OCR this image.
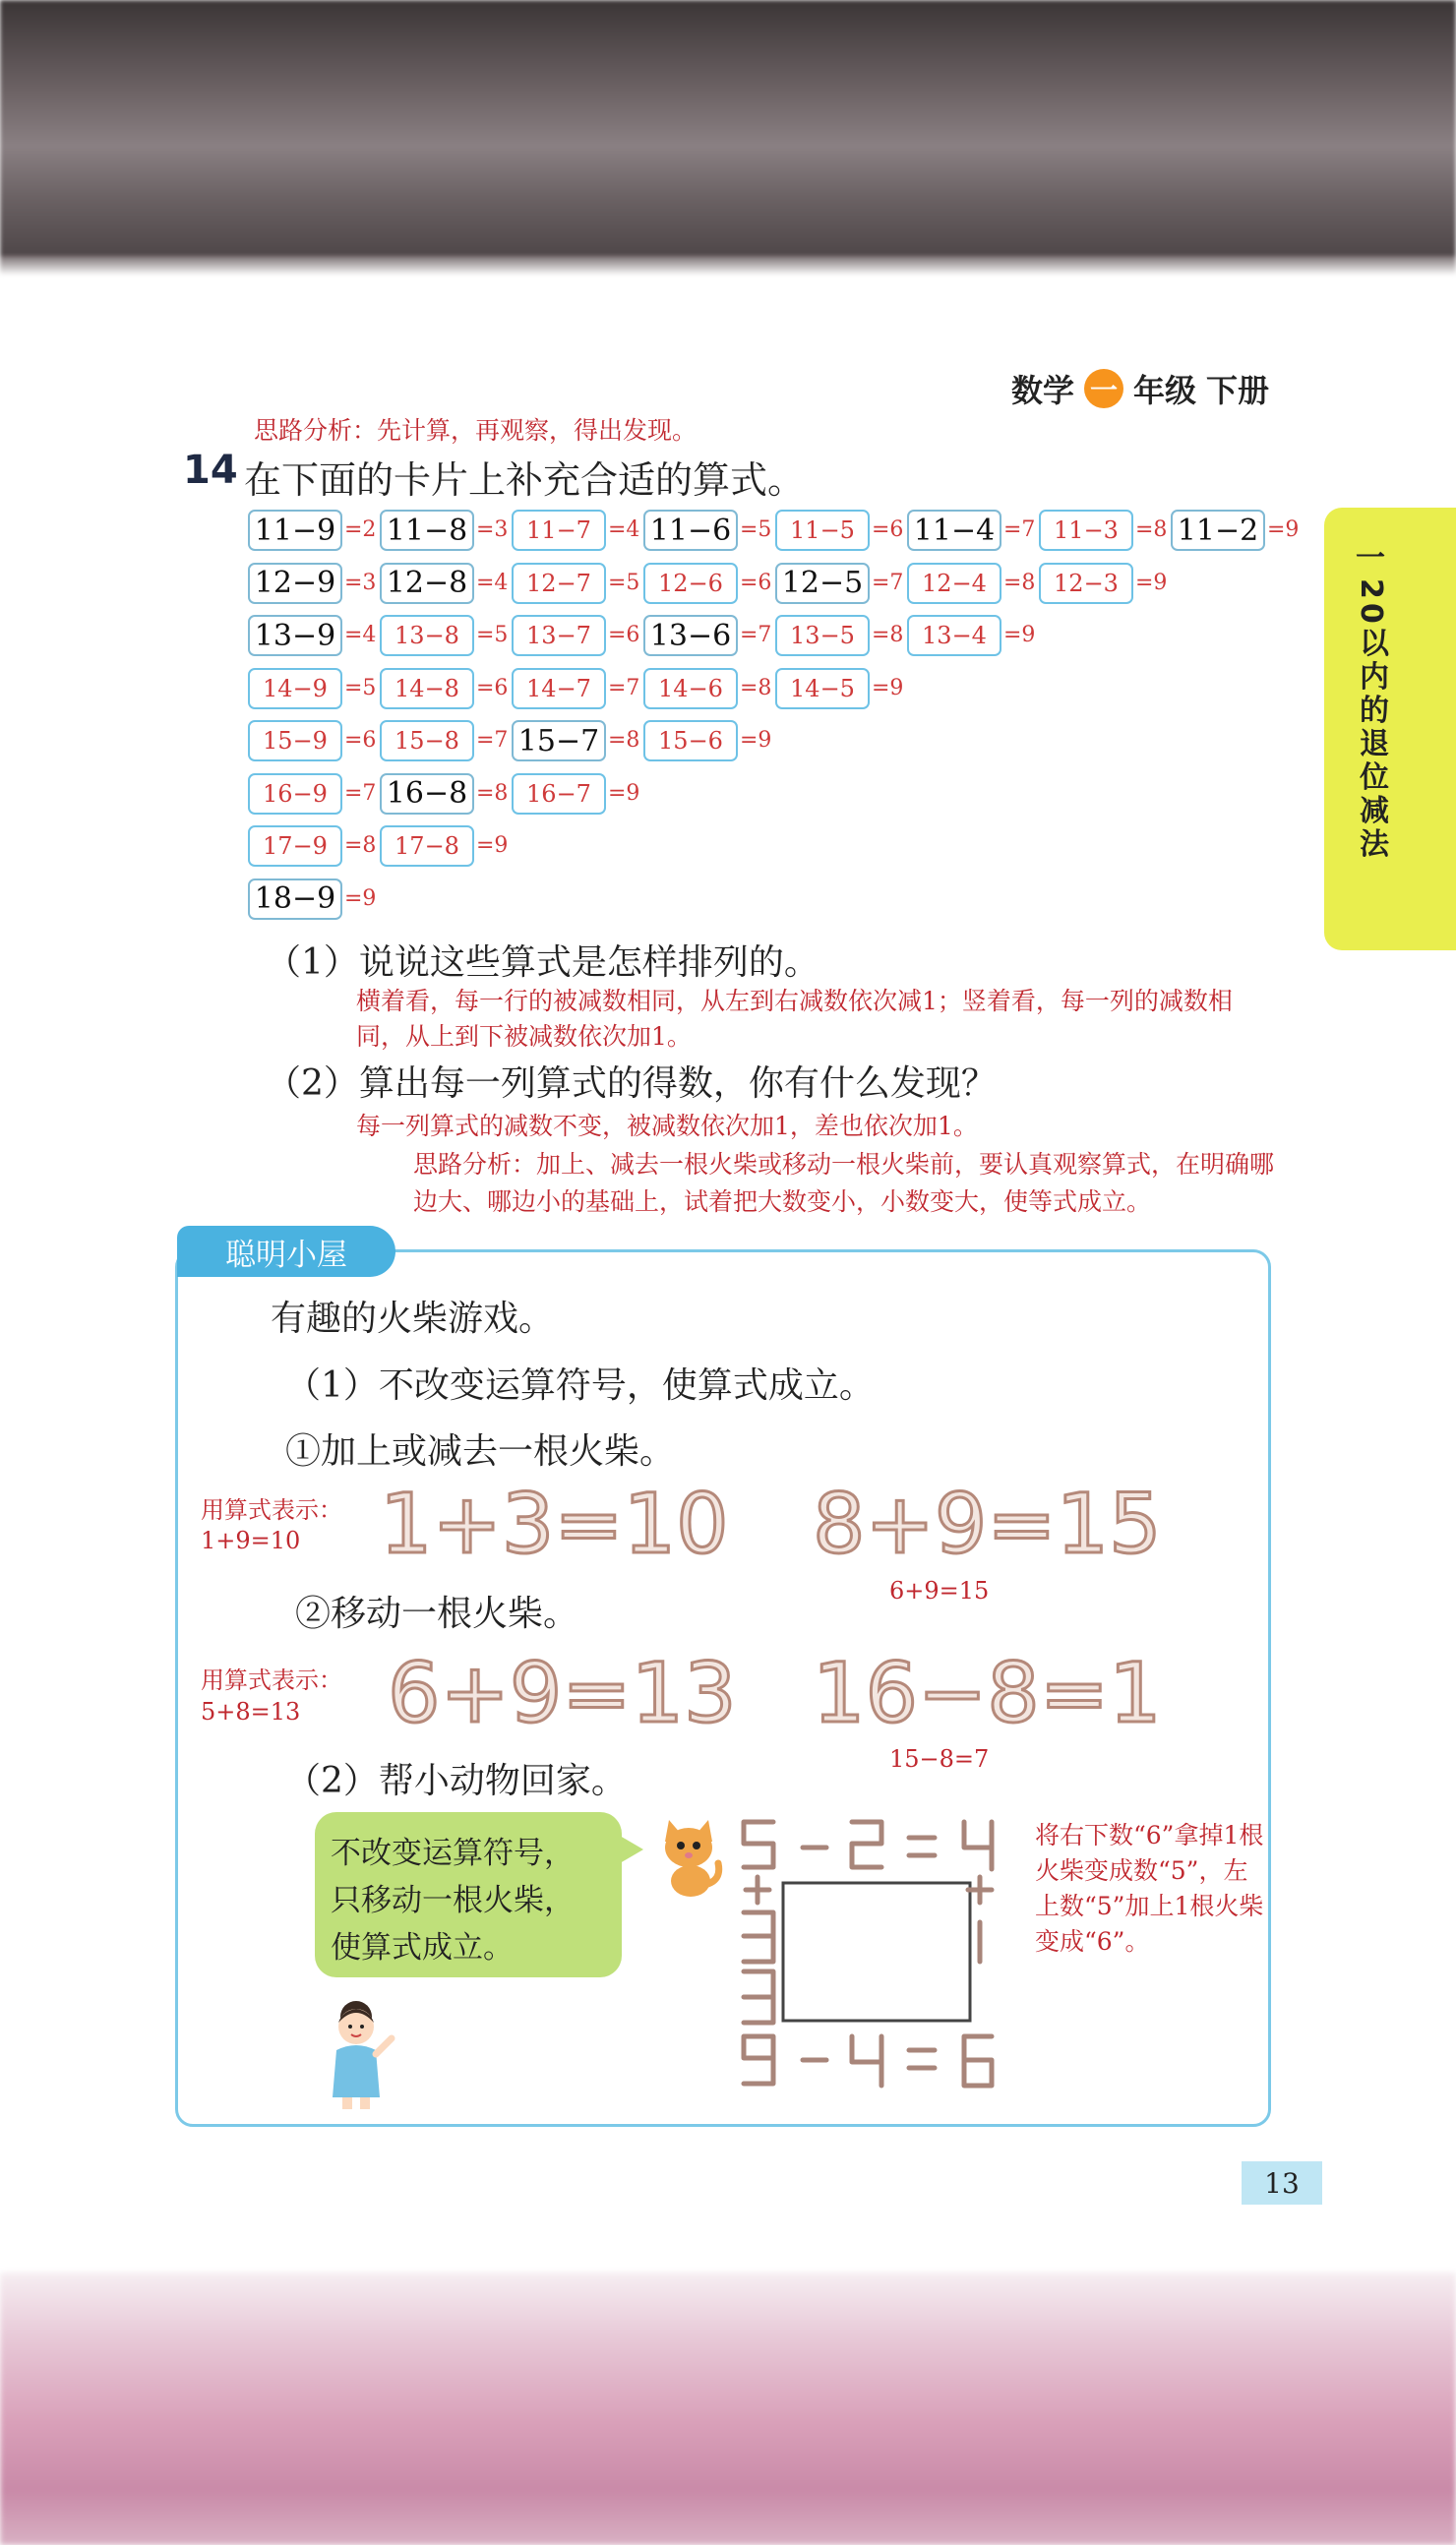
数学 一 年级 下册
一
20以内的退位减法
思路分析：先计算，再观察，得出发现。
14 在下面的卡片上补充合适的算式。
11−9 =2 11−8 =3 11−7 =4 11−6 =5 11−5 =6 11−4 =7 11−3 =8 11−2 =9
12−9 =3 12−8 =4 12−7 =5 12−6 =6 12−5 =7 12−4 =8 12−3 =9
13−9 =4 13−8 =5 13−7 =6 13−6 =7 13−5 =8 13−4 =9
14−9 =5 14−8 =6 14−7 =7 14−6 =8 14−5 =9
15−9 =6 15−8 =7 15−7 =8 15−6 =9
16−9 =7 16−8 =8 16−7 =9
17−9 =8 17−8 =9
18−9 =9
（1）说说这些算式是怎样排列的。
横着看，每一行的被减数相同，从左到右减数依次减1；竖着看，每一列的减数相同，从上到下被减数依次加1。
（2）算出每一列算式的得数，你有什么发现？
每一列算式的减数不变，被减数依次加1，差也依次加1。
思路分析：加上、减去一根火柴或移动一根火柴前，要认真观察算式，在明确哪边大、哪边小的基础上，试着把大数变小，小数变大，使等式成立。
聪明小屋
有趣的火柴游戏。
（1）不改变运算符号，使算式成立。
①加上或减去一根火柴。
用算式表示：
1+9=10 1+3=10 8+9=15
6+9=15
②移动一根火柴。
用算式表示：
5+8=13 6+9=13 16−8=1
15−8=7
（2）帮小动物回家。
不改变运算符号，
只移动一根火柴，
使算式成立。
将右下数“6”拿掉1根火柴变成数“5”，左上数“5”加上1根火柴变成“6”。
13
